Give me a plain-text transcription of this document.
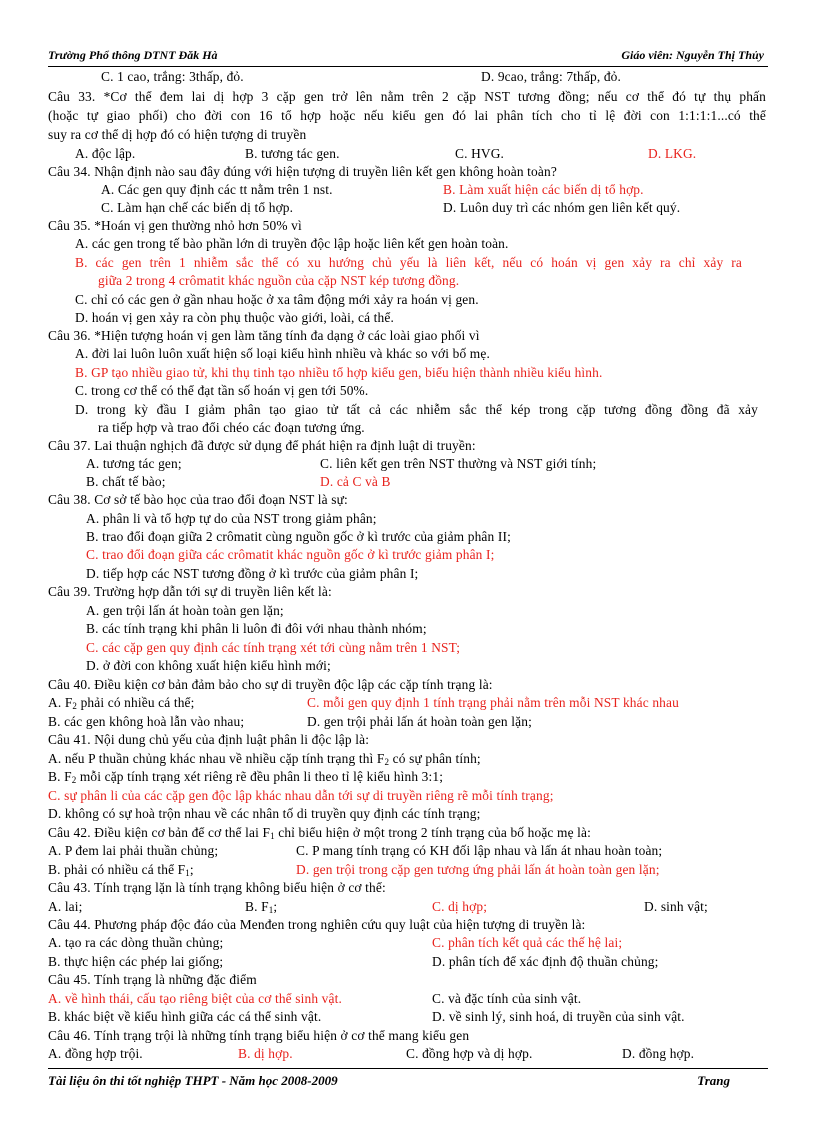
Trường Phổ thông DTNT Đăk Hà	Giáo viên: Nguyễn Thị Thủy
C. 1 cao, trắng: 3thấp, đỏ.	D. 9cao, trắng: 7thấp, đỏ.
Câu 33. *Cơ thể đem lai dị hợp 3 cặp gen trở lên nằm trên 2 cặp NST tương đồng; nếu cơ thể đó tự thụ phấn
(hoặc tự giao phối) cho đời con 16 tổ hợp hoặc nếu kiểu gen đó lai phân tích cho tỉ lệ đời con 1:1:1:1...có thể
suy ra cơ thể dị hợp đó có hiện tượng di truyền
A. độc lập.	B. tương tác gen.	C. HVG.	D. LKG.
Câu 34. Nhận định nào sau đây đúng với hiện tượng di truyền liên kết gen không hoàn toàn?
A. Các gen quy định các tt nằm trên 1 nst.	B. Làm xuất hiện các biến dị tổ hợp.
C. Làm hạn chế các biến dị tổ hợp.	D. Luôn duy trì các nhóm gen liên kết quý.
Câu 35. *Hoán vị gen thường nhỏ hơn 50% vì
A. các gen trong tế bào phần lớn di truyền độc lập hoặc liên kết gen hoàn toàn.
B. các gen trên 1 nhiễm sắc thể có xu hướng chủ yếu là liên kết, nếu có hoán vị gen xảy ra chỉ xảy ra
giữa 2 trong 4 crômatit khác nguồn của cặp NST kép tương đồng.
C. chỉ có các gen ở gần nhau hoặc ở xa tâm động mới xảy ra hoán vị gen.
D. hoán vị gen xảy ra còn phụ thuộc vào giới, loài, cá thể.
Câu 36. *Hiện tượng hoán vị gen làm tăng tính đa dạng ở các loài giao phối vì
A. đời lai luôn luôn xuất hiện số loại kiểu hình nhiều và khác so với bố mẹ.
B. GP tạo nhiều giao tử, khi thụ tinh tạo nhiều tổ hợp kiểu gen, biểu hiện thành nhiều kiểu hình.
C. trong cơ thể có thể đạt tần số hoán vị gen tới 50%.
D. trong kỳ đầu I giảm phân tạo giao tử tất cả các nhiễm sắc thể kép trong cặp tương đồng đồng đã xảy
ra tiếp hợp và trao đổi chéo các đoạn tương ứng.
Câu 37. Lai thuận nghịch đã được sử dụng để phát hiện ra định luật di truyền:
A. tương tác gen;	C. liên kết gen trên NST thường và NST giới tính;
B. chất tế bào;	D. cả C và B
Câu 38. Cơ sở tế bào học của trao đổi đoạn NST là sự:
A. phân li và tổ hợp tự do của NST trong giảm phân;
B. trao đổi đoạn giữa 2 crômatit cùng nguồn gốc ở kì trước của giảm phân II;
C. trao đổi đoạn giữa các crômatit khác nguồn gốc ở kì trước giảm phân I;
D. tiếp hợp các NST tương đồng ở kì trước của giảm phân I;
Câu 39. Trường hợp dẫn tới sự di truyền liên kết là:
A. gen trội lấn át hoàn toàn gen lặn;
B. các tính trạng khi phân li luôn đi đôi với nhau thành nhóm;
C. các cặp gen quy định các tính trạng xét tới cùng nằm trên 1 NST;
D. ở đời con không xuất hiện kiểu hình mới;
Câu 40. Điều kiện cơ bản đảm bảo cho sự di truyền độc lập các cặp tính trạng là:
A. $F_2$ phải có nhiều cá thể;	C. mỗi gen quy định 1 tính trạng phải nằm trên mỗi NST khác nhau
B. các gen không hoà lẫn vào nhau;	D. gen trội phải lấn át hoàn toàn gen lặn;
Câu 41. Nội dung chủ yếu của định luật phân li độc lập là:
A. nếu P thuần chủng khác nhau về nhiều cặp tính trạng thì $F_2$ có sự phân tính;
B. $F_2$ mỗi cặp tính trạng xét riêng rẽ đều phân li theo tỉ lệ kiểu hình 3:1;
C. sự phân li của các cặp gen độc lập khác nhau dẫn tới sự di truyền riêng rẽ mỗi tính trạng;
D. không có sự hoà trộn nhau về các nhân tố di truyền quy định các tính trạng;
Câu 42. Điều kiện cơ bản để cơ thể lai $F_1$ chỉ biểu hiện ở một trong 2 tính trạng của bố hoặc mẹ là:
A. P đem lai phải thuần chủng;	C. P mang tính trạng có KH đối lập nhau và lấn át nhau hoàn toàn;
B. phải có nhiều cá thể $F_1$;	D. gen trội trong cặp gen tương ứng phải lấn át hoàn toàn gen lặn;
Câu 43. Tính trạng lặn là tính trạng không biểu hiện ở cơ thể:
A. lai;	B. $F_1$;	C. dị hợp;	D. sinh vật;
Câu 44. Phương pháp độc đáo của Menđen trong nghiên cứu quy luật của hiện tượng di truyền là:
A. tạo ra các dòng thuần chủng;	C. phân tích kết quả các thế hệ lai;
B. thực hiện các phép lai giống;	D. phân tích để xác định độ thuần chủng;
Câu 45. Tính trạng là những đặc điểm
A. về hình thái, cấu tạo riêng biệt của cơ thể sinh vật.	C. và đặc tính của sinh vật.
B. khác biệt về kiểu hình giữa các cá thể sinh vật.	D. về sinh lý, sinh hoá, di truyền của sinh vật.
Câu 46. Tính trạng trội là những tính trạng biểu hiện ở cơ thể mang kiểu gen
A. đồng hợp trội.	B. dị hợp.	C. đồng hợp và dị hợp.	D. đồng hợp.
Tài liệu ôn thi tốt nghiệp THPT - Năm học 2008-2009	Trang
